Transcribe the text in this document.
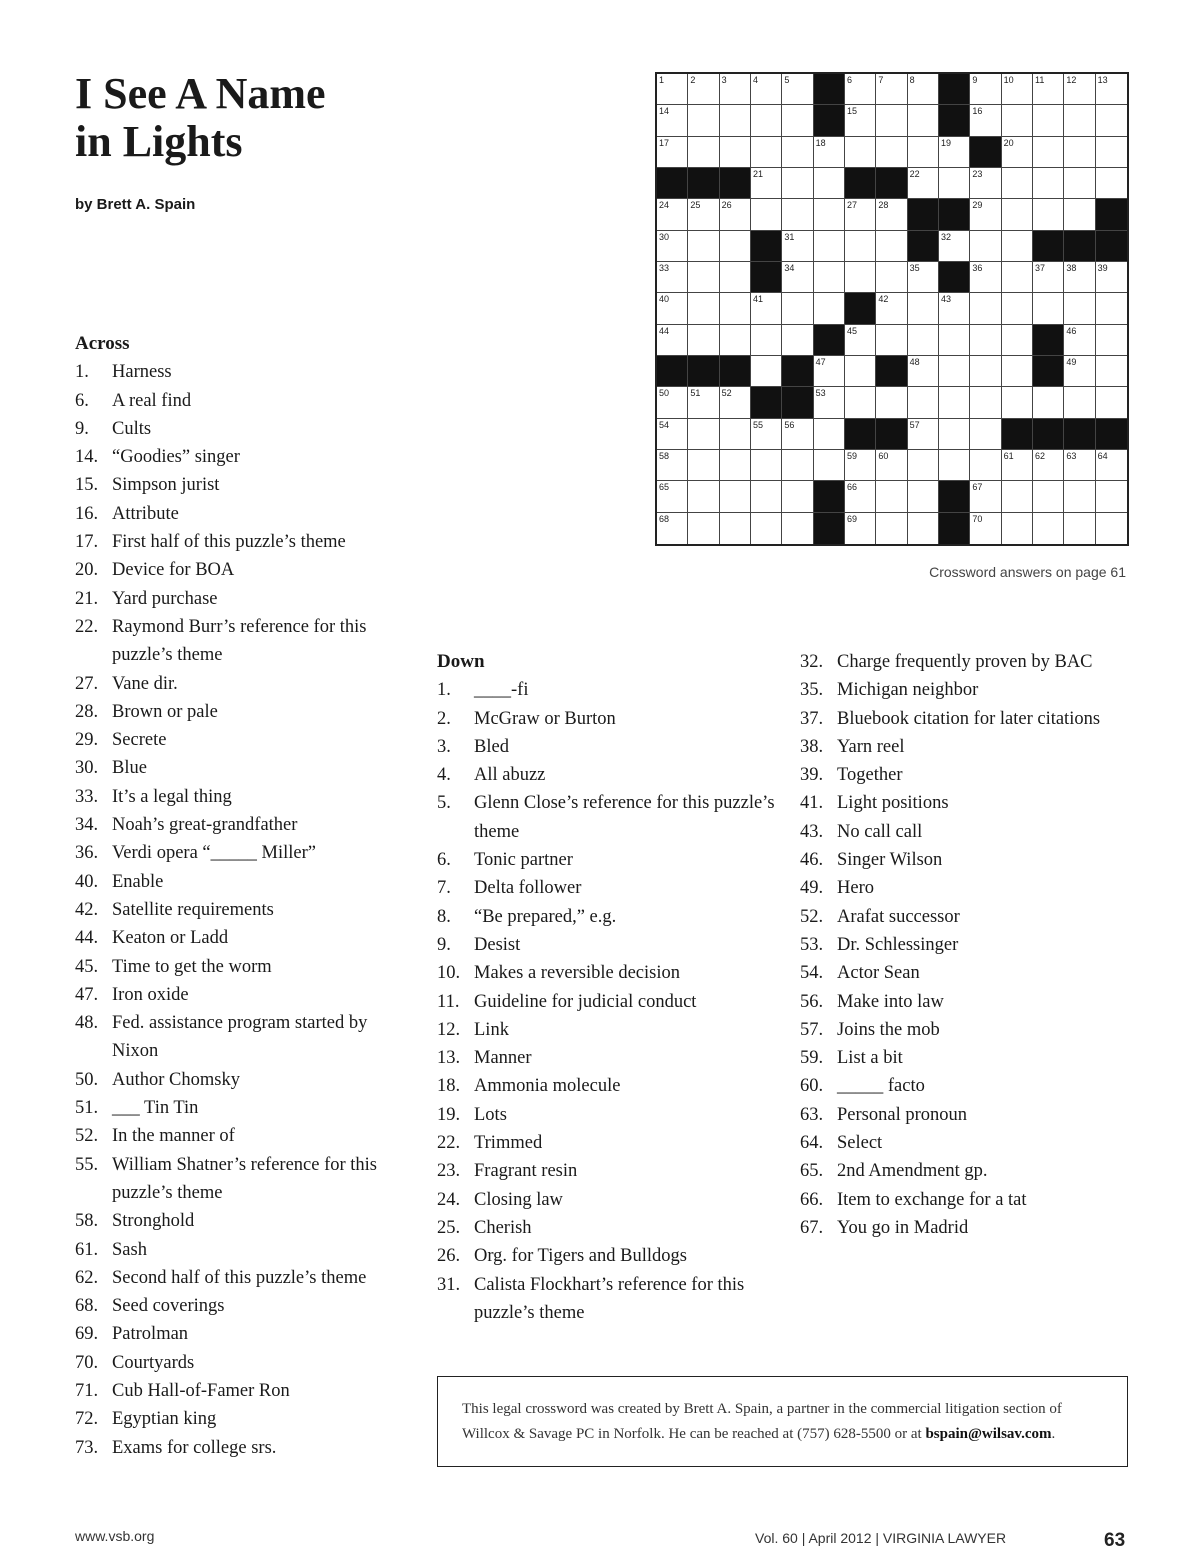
I See A Name
in Lights
by Brett A. Spain
1	2	3	4	5	6	7	8	9	10 11 12 13
14	15	16
17	18	19	20
21	22	23
24 25 26	27 28	29
30	31	32
33	34	35	36	37 38 39
40	41	42	43
44	45	46
47	48	49
50 51 52	53
54	55 56	57
58	59 60	61 62 63 64
65	66	67
68	69	70
Crossword answers on page 61
Across
1.	Harness
6.	A real find
9.	Cults
14. “Goodies” singer
15. Simpson jurist
16. Attribute
17. First half of this puzzle’s theme
20. Device for BOA
21. Yard purchase
22. Raymond Burr’s reference for this puzzle’s theme
27. Vane dir.
28. Brown or pale
29. Secrete
30. Blue
33. It’s a legal thing
34. Noah’s great-grandfather
36. Verdi opera “_____ Miller”
40. Enable
42. Satellite requirements
44. Keaton or Ladd
45. Time to get the worm
47. Iron oxide
48. Fed. assistance program started by Nixon
50. Author Chomsky
51. ___ Tin Tin
52. In the manner of
55. William Shatner’s reference for this puzzle’s theme
58. Stronghold
61. Sash
62. Second half of this puzzle’s theme
68. Seed coverings
69. Patrolman
70. Courtyards
71. Cub Hall-of-Famer Ron
72. Egyptian king
73. Exams for college srs.
Down
1.	____-fi
2.	McGraw or Burton
3.	Bled
4.	All abuzz
5.	Glenn Close’s reference for this puzzle’s theme
6.	Tonic partner
7.	Delta follower
8.	“Be prepared,” e.g.
9.	Desist
10. Makes a reversible decision
11. Guideline for judicial conduct
12. Link
13. Manner
18. Ammonia molecule
19. Lots
22. Trimmed
23. Fragrant resin
24. Closing law
25. Cherish
26. Org. for Tigers and Bulldogs
31. Calista Flockhart’s reference for this puzzle’s theme
32. Charge frequently proven by BAC
35. Michigan neighbor
37. Bluebook citation for later citations
38. Yarn reel
39. Together
41. Light positions
43. No call call
46. Singer Wilson
49. Hero
52. Arafat successor
53. Dr. Schlessinger
54. Actor Sean
56. Make into law
57. Joins the mob
59. List a bit
60. _____ facto
63. Personal pronoun
64. Select
65. 2nd Amendment gp.
66. Item to exchange for a tat
67. You go in Madrid
This legal crossword was created by Brett A. Spain, a partner in the commercial litigation section of Willcox & Savage PC in Norfolk. He can be reached at (757) 628-5500 or at bspain@wilsav.com.
www.vsb.org	Vol. 60 | April 2012 | VIRGINIA LAWYER	63
